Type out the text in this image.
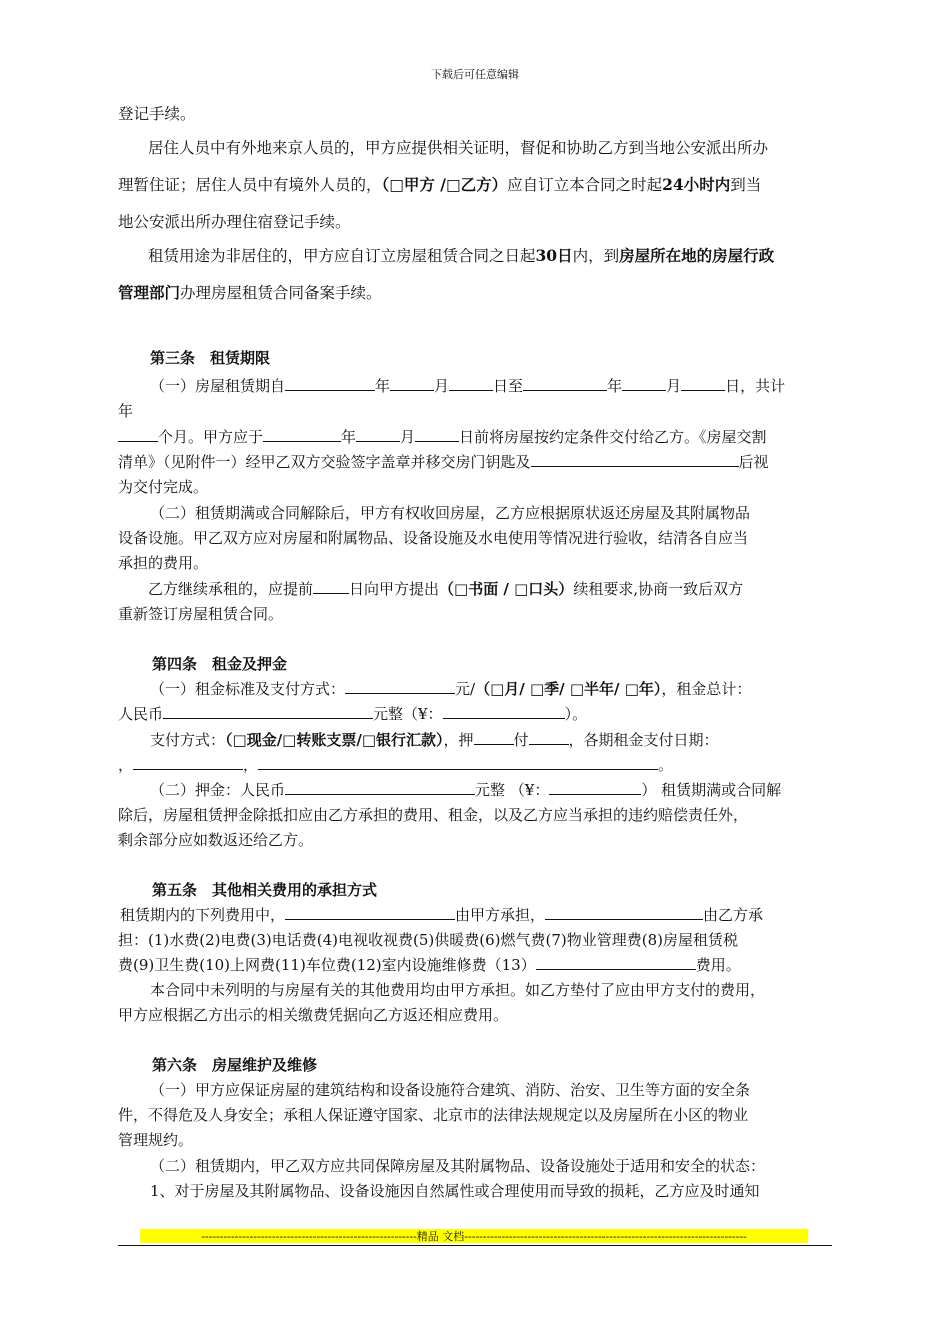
下载后可任意编辑
登记手续。
居住人员中有外地来京人员的，甲方应提供相关证明，督促和协助乙方到当地公安派出所办
理暂住证；居住人员中有境外人员的，（□甲方 /□乙方）应自订立本合同之时起24小时内到当
地公安派出所办理住宿登记手续。
租赁用途为非居住的，甲方应自订立房屋租赁合同之日起30日内，到房屋所在地的房屋行政
管理部门办理房屋租赁合同备案手续。
第三条　租赁期限
（一）房屋租赁期自	年	月	日至	年	月	日，共计
年
个月。甲方应于	年	月	日前将房屋按约定条件交付给乙方。《房屋交割
清单》（见附件一）经甲乙双方交验签字盖章并移交房门钥匙及	后视
为交付完成。
（二）租赁期满或合同解除后，甲方有权收回房屋，乙方应根据原状返还房屋及其附属物品
设备设施。甲乙双方应对房屋和附属物品、设备设施及水电使用等情况进行验收，结清各自应当
承担的费用。
乙方继续承租的，应提前 日向甲方提出（□书面 / □口头）续租要求,协商一致后双方
重新签订房屋租赁合同。
第四条　租金及押金
（一）租金标准及支付方式：	元/（□月/ □季/ □半年/ □年），租金总计：
人民币	元整（¥：	）。
支付方式：（□现金/□转账支票/□银行汇款），押	付	，各期租金支付日期：
，	，	。
（二）押金：人民币	元整 （¥：	） 租赁期满或合同解
除后，房屋租赁押金除抵扣应由乙方承担的费用、租金，以及乙方应当承担的违约赔偿责任外，
剩余部分应如数返还给乙方。
第五条　其他相关费用的承担方式
租赁期内的下列费用中，	由甲方承担，	由乙方承
担：(1)水费(2)电费(3)电话费(4)电视收视费(5)供暖费(6)燃气费(7)物业管理费(8)房屋租赁税
费(9)卫生费(10)上网费(11)车位费(12)室内设施维修费（13）	费用。
本合同中未列明的与房屋有关的其他费用均由甲方承担。如乙方垫付了应由甲方支付的费用，
甲方应根据乙方出示的相关缴费凭据向乙方返还相应费用。
第六条　房屋维护及维修
（一）甲方应保证房屋的建筑结构和设备设施符合建筑、消防、治安、卫生等方面的安全条
件，不得危及人身安全；承租人保证遵守国家、北京市的法律法规规定以及房屋所在小区的物业
管理规约。
（二）租赁期内，甲乙双方应共同保障房屋及其附属物品、设备设施处于适用和安全的状态：
1、对于房屋及其附属物品、设备设施因自然属性或合理使用而导致的损耗，乙方应及时通知
----------------------------------------------------------精品 文档----------------------------------------------------------------------------
